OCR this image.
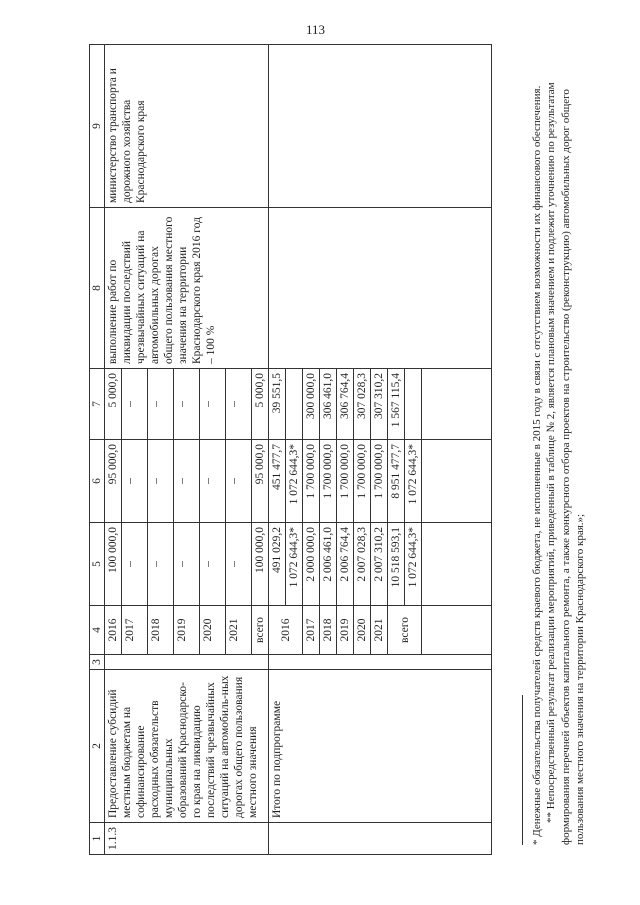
113
1	2	3	4	5	6	7	8	9
1.1.3	Предоставление субсидий местным бюджетам на софинансирование расходных обязательств муниципальных образований Краснодарско-го края на ликвидацию последствий чрезвычайных ситуаций на автомобиль-ных дорогах общего пользования местного значения		2016	100 000,0	95 000,0	5 000,0	выполнение работ по ликвидации последствий чрезвычайных ситуаций на автомобильных дорогах общего пользования местного значения на территории Краснодарского края 2016 год – 100 %	министерство транспорта и дорожного хозяйства Краснодарского края
			2017	–	–	–		
			2018	–	–	–		
			2019	–	–	–		
			2020	–	–	–		
			2021	–	–	–		
			всего	100 000,0	95 000,0	5 000,0		
	Итого по подпрограмме		2016	491 029,2	451 477,7	39 551,5		
				1 072 644,3*	1 072 644,3*			
			2017	2 000 000,0	1 700 000,0	300 000,0		
			2018	2 006 461,0	1 700 000,0	306 461,0		
			2019	2 006 764,4	1 700 000,0	306 764,4		
			2020	2 007 028,3	1 700 000,0	307 028,3		
			2021	2 007 310,2	1 700 000,0	307 310,2		
			всего	10 518 593,1	8 951 477,7	1 567 115,4		
				1 072 644,3*	1 072 644,3*			
				* Денежные обязательства получателей средств краевого бюджета, не исполненные в 2015 году в связи с отсутствием возможности их финансового обеспечения. ** Непосредственный результат реализации мероприятий, приведенный в таблице № 2, является плановым значением и подлежит уточнению по результатам формирования перечней объектов капитального ремонта, а также конкурсного отбора проектов на строительство (реконструкцию) автомобильных дорог общего пользования местного значения на территории Краснодарского края.»;
